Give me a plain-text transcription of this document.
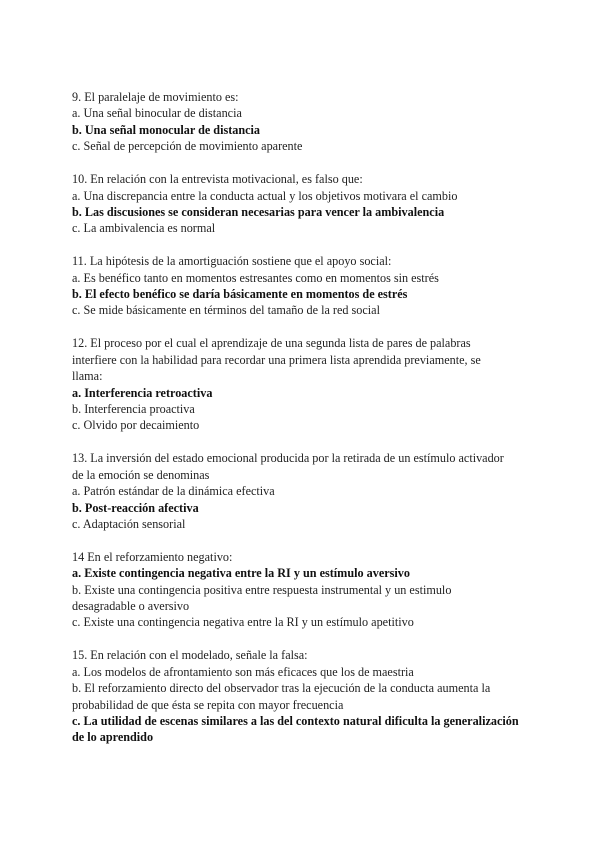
9. El paralelaje de movimiento es:
a. Una señal binocular de distancia
b. Una señal monocular de distancia
c. Señal de percepción de movimiento aparente
10. En relación con la entrevista motivacional, es falso que:
a. Una discrepancia entre la conducta actual y los objetivos motivara el cambio
b. Las discusiones se consideran necesarias para vencer la ambivalencia
c. La ambivalencia es normal
11. La hipótesis de la amortiguación sostiene que el apoyo social:
a. Es benéfico tanto en momentos estresantes como en momentos sin estrés
b. El efecto benéfico se daría básicamente en momentos de estrés
c. Se mide básicamente en términos del tamaño de la red social
12. El proceso por el cual el aprendizaje de una segunda lista de pares de palabras
interfiere con la habilidad para recordar una primera lista aprendida previamente, se
llama:
a. Interferencia retroactiva
b. Interferencia proactiva
c. Olvido por decaimiento
13. La inversión del estado emocional producida por la retirada de un estímulo activador
de la emoción se denominas
a. Patrón estándar de la dinámica efectiva
b. Post-reacción afectiva
c. Adaptación sensorial
14 En el reforzamiento negativo:
a. Existe contingencia negativa entre la RI y un estímulo aversivo
b. Existe una contingencia positiva entre respuesta instrumental y un estimulo
desagradable o aversivo
c. Existe una contingencia negativa entre la RI y un estímulo apetitivo
15. En relación con el modelado, señale la falsa:
a. Los modelos de afrontamiento son más eficaces que los de maestria
b. El reforzamiento directo del observador tras la ejecución de la conducta aumenta la
probabilidad de que ésta se repita con mayor frecuencia
c. La utilidad de escenas similares a las del contexto natural dificulta la generalización
de lo aprendido
